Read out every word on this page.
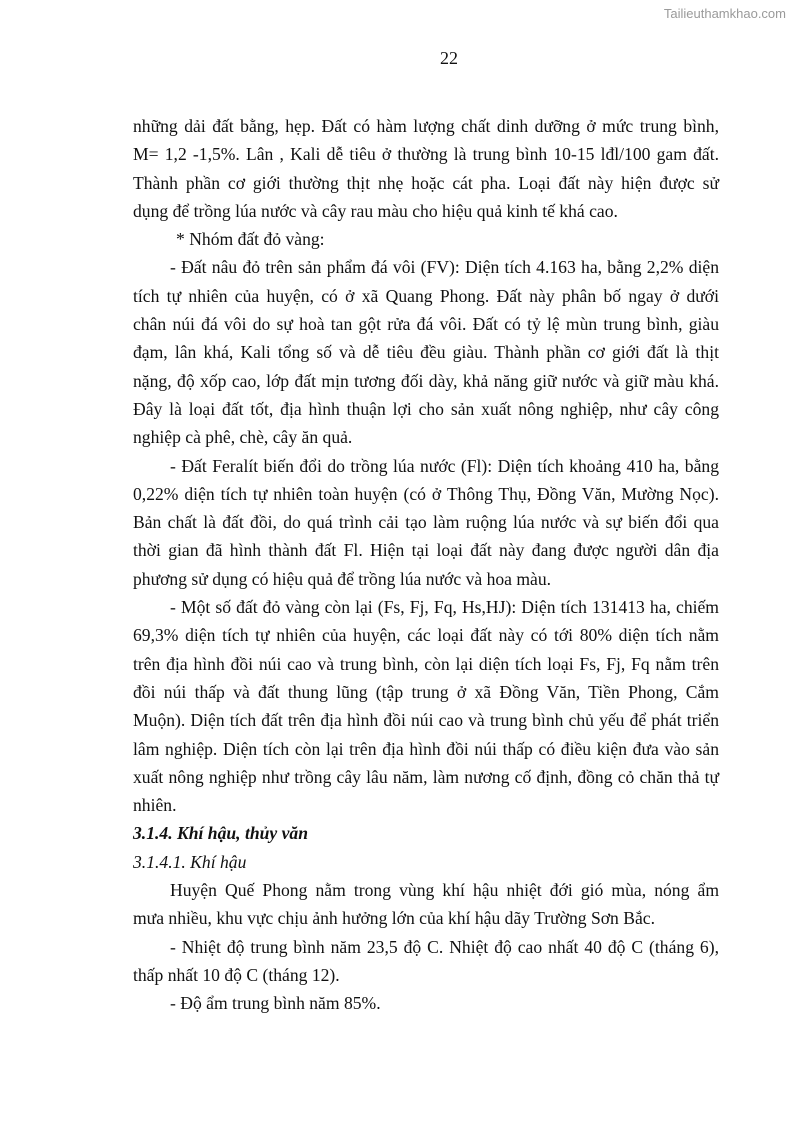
Tailieuthamkhao.com
22
những dải đất bằng, hẹp. Đất có hàm lượng chất dinh dưỡng ở mức trung bình,
M= 1,2 -1,5%. Lân , Kali dễ tiêu ở thường là trung bình 10-15 lđl/100 gam đất.
Thành phần cơ giới thường thịt nhẹ hoặc cát pha. Loại đất này hiện được sử
dụng để trồng lúa nước và cây rau màu cho hiệu quả kinh tế khá cao.
* Nhóm đất đỏ vàng:
- Đất nâu đỏ trên sản phẩm đá vôi (FV): Diện tích 4.163 ha, bằng 2,2% diện
tích tự nhiên của huyện, có ở xã Quang Phong. Đất này phân bố ngay ở dưới
chân núi đá vôi do sự hoà tan gột rửa đá vôi. Đất có tỷ lệ mùn trung bình, giàu
đạm, lân khá, Kali tổng số và dễ tiêu đều giàu. Thành phần cơ giới đất là thịt
nặng, độ xốp cao, lớp đất mịn tương đối dày, khả năng giữ nước và giữ màu khá.
Đây là loại đất tốt, địa hình thuận lợi cho sản xuất nông nghiệp, như cây công
nghiệp cà phê, chè, cây ăn quả.
- Đất Feralít biến đổi do trồng lúa nước (Fl): Diện tích khoảng 410 ha, bằng
0,22% diện tích tự nhiên toàn huyện (có ở Thông Thụ, Đồng Văn, Mường Nọc).
Bản chất là đất đồi, do quá trình cải tạo làm ruộng lúa nước và sự biến đổi qua
thời gian đã hình thành đất Fl. Hiện tại loại đất này đang được người dân địa
phương sử dụng có hiệu quả để trồng lúa nước và hoa màu.
- Một số đất đỏ vàng còn lại (Fs, Fj, Fq, Hs,HJ): Diện tích 131413 ha, chiếm
69,3% diện tích tự nhiên của huyện, các loại đất này có tới 80% diện tích nằm
trên địa hình đồi núi cao và trung bình, còn lại diện tích loại Fs, Fj, Fq nằm trên
đồi núi thấp và đất thung lũng (tập trung ở xã Đồng Văn, Tiền Phong, Cắm
Muộn). Diện tích đất trên địa hình đồi núi cao và trung bình chủ yếu để phát triển
lâm nghiệp. Diện tích còn lại trên địa hình đồi núi thấp có điều kiện đưa vào sản
xuất nông nghiệp như trồng cây lâu năm, làm nương cố định, đồng cỏ chăn thả tự
nhiên.
3.1.4. Khí hậu, thủy văn
3.1.4.1. Khí hậu
Huyện Quế Phong nằm trong vùng khí hậu nhiệt đới gió mùa, nóng ẩm
mưa nhiều, khu vực chịu ảnh hưởng lớn của khí hậu dãy Trường Sơn Bắc.
- Nhiệt độ trung bình năm 23,5 độ C. Nhiệt độ cao nhất 40 độ C (tháng 6),
thấp nhất 10 độ C (tháng 12).
- Độ ẩm trung bình năm 85%.
